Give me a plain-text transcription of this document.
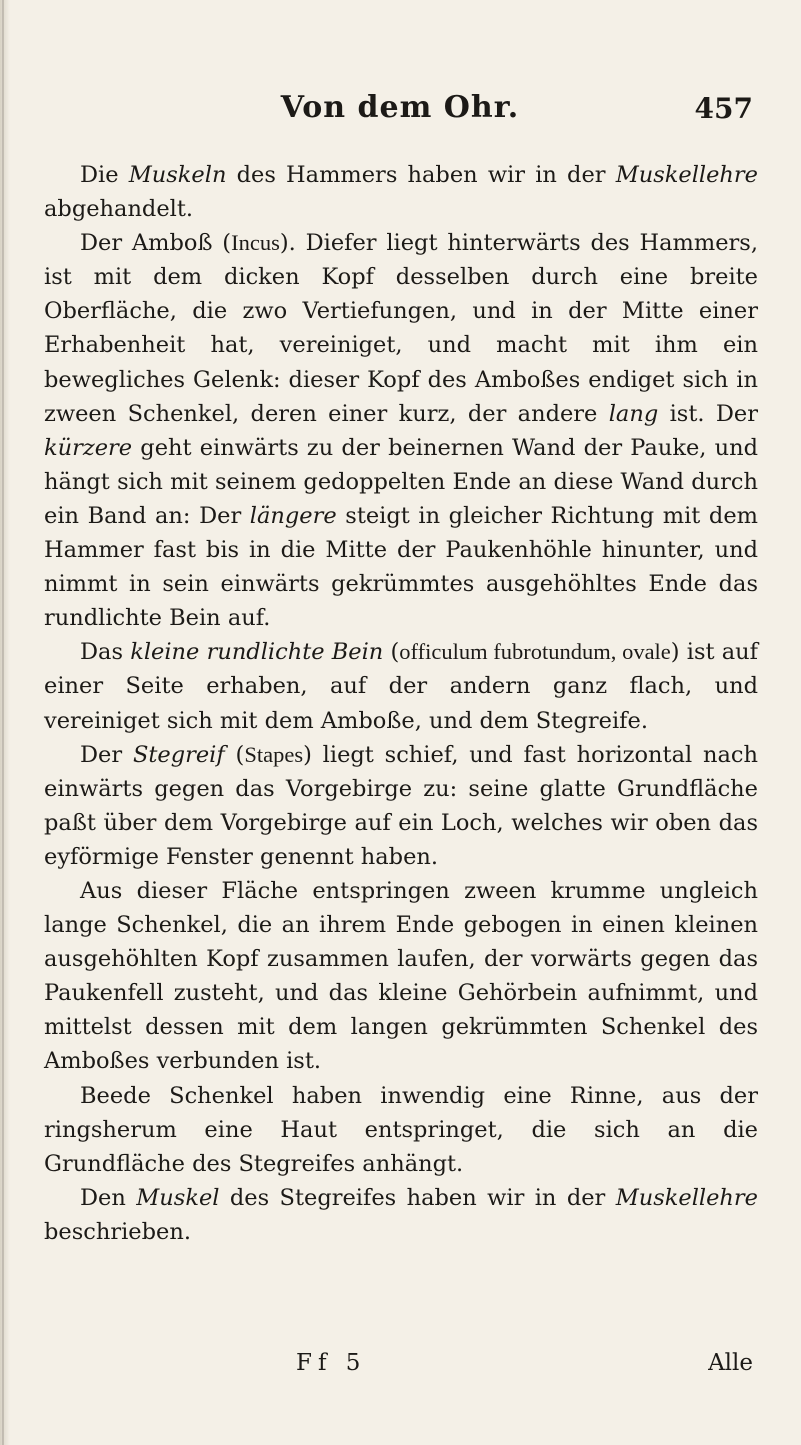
Von dem Ohr.	457

Die Muskeln des Hammers haben wir in der Muskellehre abgehandelt.

Der Amboß (Incus). Diefer liegt hinterwärts des Hammers, ist mit dem dicken Kopf desselben durch eine breite Oberfläche, die zwo Vertiefungen, und in der Mitte einer Erhabenheit hat, vereiniget, und macht mit ihm ein bewegliches Gelenk: dieser Kopf des Amboßes endiget sich in zween Schenkel, deren einer kurz, der andere lang ist. Der kürzere geht einwärts zu der beinernen Wand der Pauke, und hängt sich mit seinem gedoppelten Ende an diese Wand durch ein Band an: Der längere steigt in gleicher Richtung mit dem Hammer fast bis in die Mitte der Paukenhöhle hinunter, und nimmt in sein einwärts gekrümmtes ausgehöhltes Ende das rundlichte Bein auf.

Das kleine rundlichte Bein (officulum fubrotundum, ovale) ist auf einer Seite erhaben, auf der andern ganz flach, und vereiniget sich mit dem Amboße, und dem Stegreife.

Der Stegreif (Stapes) liegt schief, und fast horizontal nach einwärts gegen das Vorgebirge zu: seine glatte Grundfläche paßt über dem Vorgebirge auf ein Loch, welches wir oben das eyförmige Fenster genennt haben.

Aus dieser Fläche entspringen zween krumme ungleich lange Schenkel, die an ihrem Ende gebogen in einen kleinen ausgehöhlten Kopf zusammen laufen, der vorwärts gegen das Paukenfell zusteht, und das kleine Gehörbein aufnimmt, und mittelst dessen mit dem langen gekrümmten Schenkel des Amboßes verbunden ist.

Beede Schenkel haben inwendig eine Rinne, aus der ringsherum eine Haut entspringet, die sich an die Grundfläche des Stegreifes anhängt.

Den Muskel des Stegreifes haben wir in der Muskellehre beschrieben.

Ff 5	Alle
